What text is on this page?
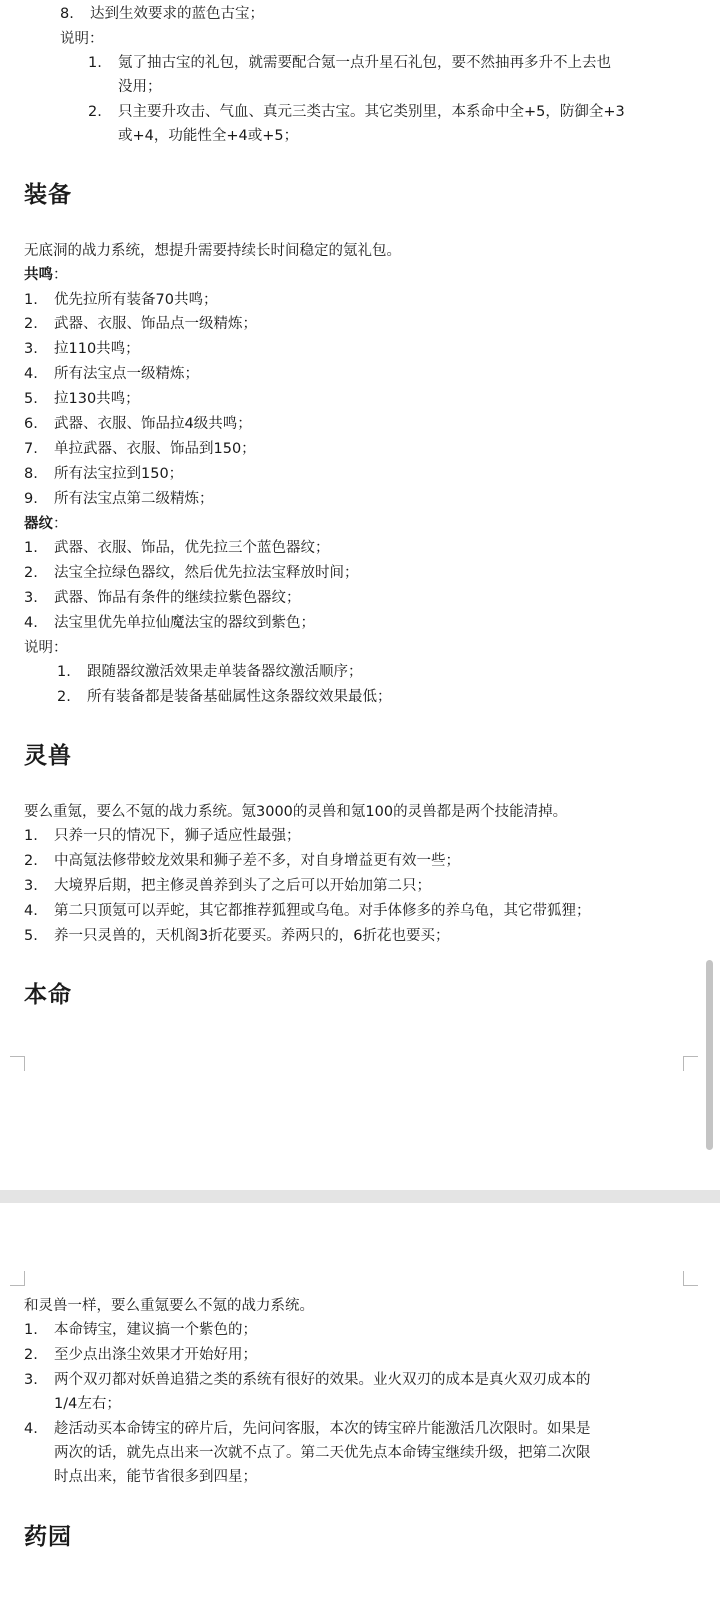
8. 达到生效要求的蓝色古宝；
说明：
1. 氪了抽古宝的礼包，就需要配合氪一点升星石礼包，要不然抽再多升不上去也
没用；
2. 只主要升攻击、气血、真元三类古宝。其它类别里，本系命中全+5，防御全+3
或+4，功能性全+4或+5；
装备
无底洞的战力系统，想提升需要持续长时间稳定的氪礼包。
共鸣：
1. 优先拉所有装备70共鸣；
2. 武器、衣服、饰品点一级精炼；
3. 拉110共鸣；
4. 所有法宝点一级精炼；
5. 拉130共鸣；
6. 武器、衣服、饰品拉4级共鸣；
7. 单拉武器、衣服、饰品到150；
8. 所有法宝拉到150；
9. 所有法宝点第二级精炼；
器纹：
1. 武器、衣服、饰品，优先拉三个蓝色器纹；
2. 法宝全拉绿色器纹，然后优先拉法宝释放时间；
3. 武器、饰品有条件的继续拉紫色器纹；
4. 法宝里优先单拉仙魔法宝的器纹到紫色；
说明：
1. 跟随器纹激活效果走单装备器纹激活顺序；
2. 所有装备都是装备基础属性这条器纹效果最低；
灵兽
要么重氪，要么不氪的战力系统。氪3000的灵兽和氪100的灵兽都是两个技能清掉。
1. 只养一只的情况下，狮子适应性最强；
2. 中高氪法修带蛟龙效果和狮子差不多，对自身增益更有效一些；
3. 大境界后期，把主修灵兽养到头了之后可以开始加第二只；
4. 第二只顶氪可以弄蛇，其它都推荐狐狸或乌龟。对手体修多的养乌龟，其它带狐狸；
5. 养一只灵兽的，天机阁3折花要买。养两只的，6折花也要买；
本命
和灵兽一样，要么重氪要么不氪的战力系统。
1. 本命铸宝，建议搞一个紫色的；
2. 至少点出涤尘效果才开始好用；
3. 两个双刃都对妖兽追猎之类的系统有很好的效果。业火双刃的成本是真火双刃成本的
1/4左右；
4. 趁活动买本命铸宝的碎片后，先问问客服，本次的铸宝碎片能激活几次限时。如果是
两次的话，就先点出来一次就不点了。第二天优先点本命铸宝继续升级，把第二次限
时点出来，能节省很多到四星；
药园
